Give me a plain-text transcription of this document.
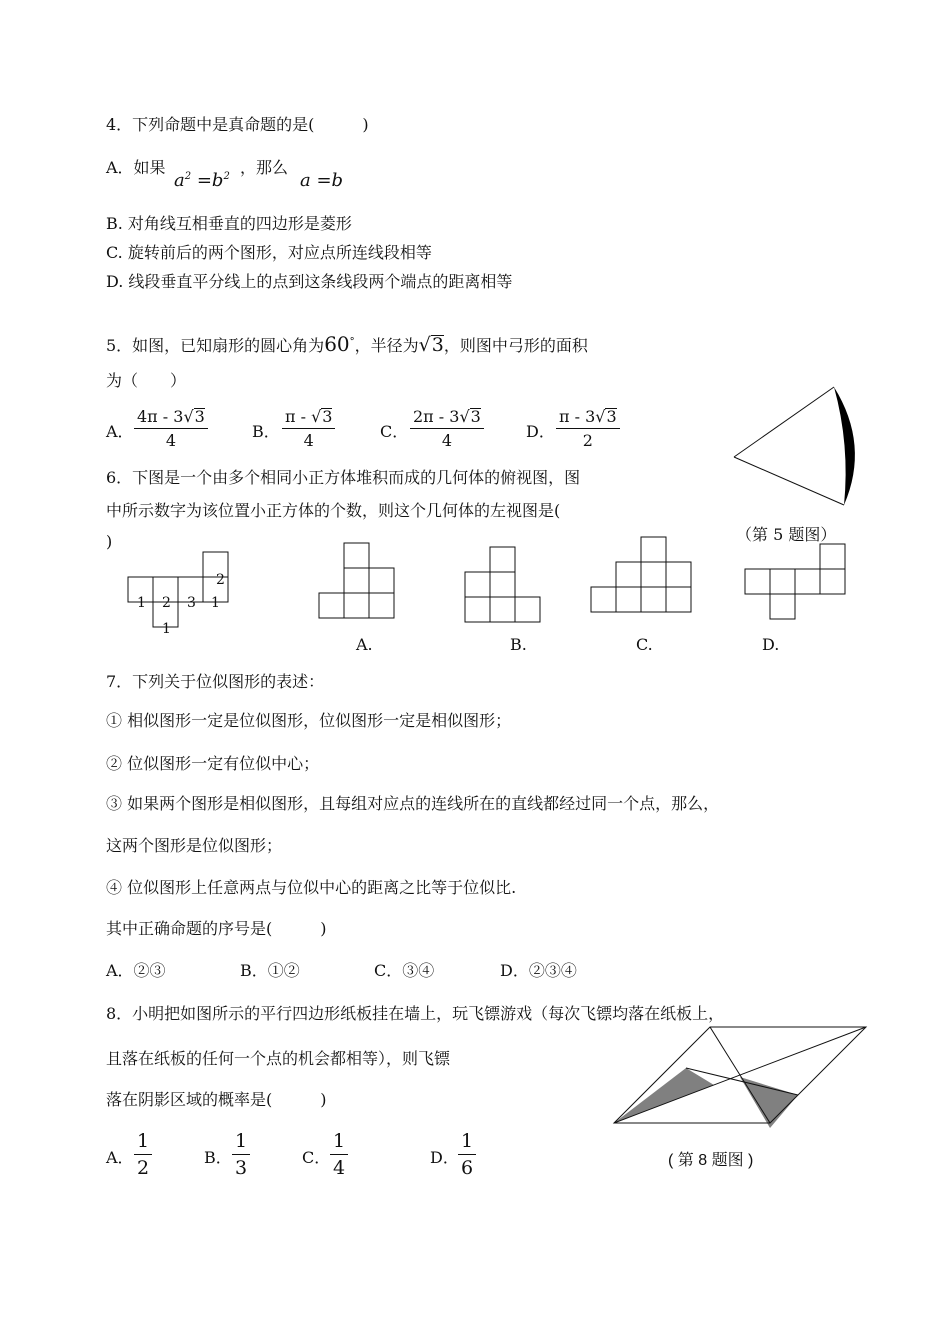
4．下列命题中是真命题的是(　　　)
A．如果
$a^2 =b^2$ ，那么
a =b
B. 对角线互相垂直的四边形是菱形
C. 旋转前后的两个图形，对应点所连线段相等
D. 线段垂直平分线上的点到这条线段两个端点的距离相等
5．如图，已知扇形的圆心角为60°，半径为√3，则图中弓形的面积
为（　　）
A． $\frac{4\pi - 3√3}{4}$	B． $\frac{\pi - √3}{4}$	C． $\frac{2\pi - 3√3}{4}$	D． $\frac{\pi - 3√3}{2}$
（第 5 题图）
6．下图是一个由多个相同小正方体堆积而成的几何体的俯视图，图
中所示数字为该位置小正方体的个数，则这个几何体的左视图是(
)
1 2 3 1
2
1
A.	B.	C.	D.
7．下列关于位似图形的表述：
① 相似图形一定是位似图形，位似图形一定是相似图形；
② 位似图形一定有位似中心；
③ 如果两个图形是相似图形，且每组对应点的连线所在的直线都经过同一个点，那么，
这两个图形是位似图形；
④ 位似图形上任意两点与位似中心的距离之比等于位似比.
其中正确命题的序号是(　　　)
A．②③	B．①②	C．③④	D．②③④
8．小明把如图所示的平行四边形纸板挂在墙上，玩飞镖游戏（每次飞镖均落在纸板上，
且落在纸板的任何一个点的机会都相等），则飞镖
落在阴影区域的概率是(　　　)
( 第 8 题图 )
A． $\frac{1}{2}$	B． $\frac{1}{3}$	C． $\frac{1}{4}$	D． $\frac{1}{6}$
